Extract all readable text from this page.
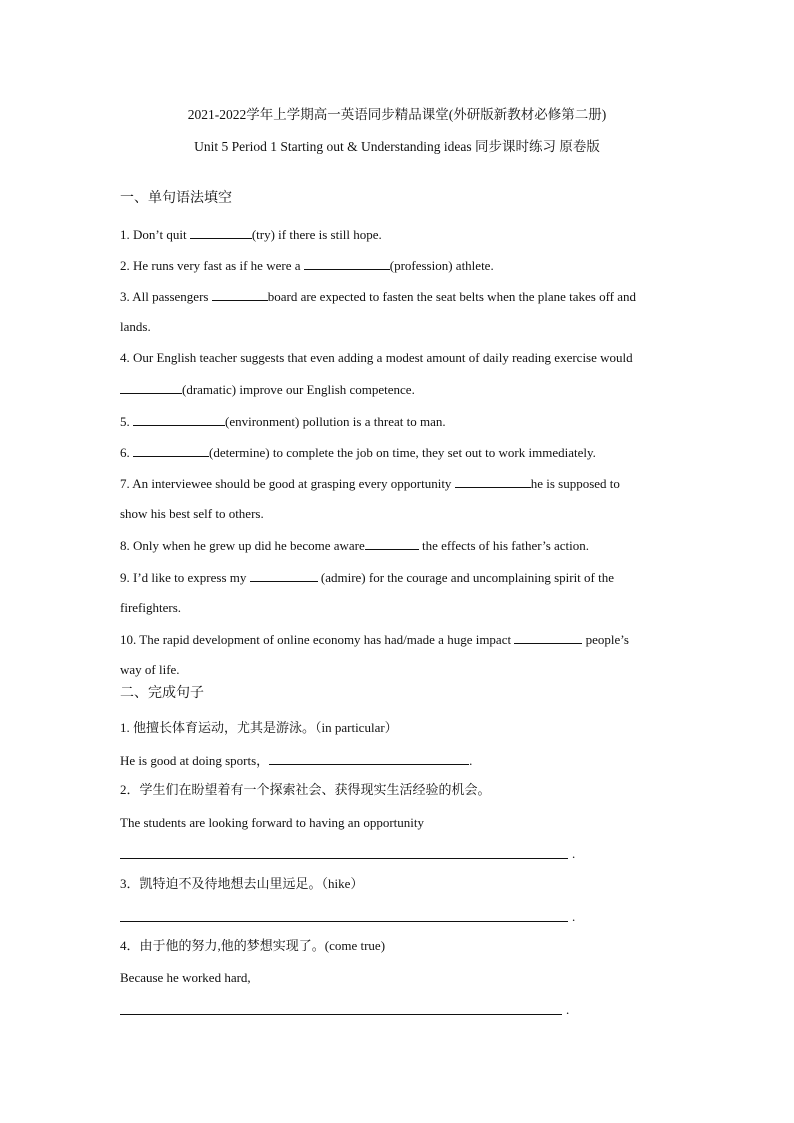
2021-2022学年上学期高一英语同步精品课堂(外研版新教材必修第二册)
Unit 5 Period 1 Starting out & Understanding ideas 同步课时练习 原卷版
一、单句语法填空
1. Don’t quit	(try) if there is still hope.
2. He runs very fast as if he were a	(profession) athlete.
3. All passengers	board are expected to fasten the seat belts when the plane takes off and
lands.
4. Our English teacher suggests that even adding a modest amount of daily reading exercise would
(dramatic) improve our English competence.
5.	(environment) pollution is a threat to man.
6.	(determine) to complete the job on time, they set out to work immediately.
7. An interviewee should be good at grasping every opportunity	he is supposed to
show his best self to others.
8. Only when he grew up did he become aware	the effects of his father’s action.
9. I’d like to express my	(admire) for the courage and uncomplaining spirit of the
firefighters.
10. The rapid development of online economy has had/made a huge impact	people’s
way of life.
二、完成句子
1. 他擅长体育运动，尤其是游泳。（in particular）
He is good at doing sports，	.
2．学生们在盼望着有一个探索社会、获得现实生活经验的机会。
The students are looking forward to having an opportunity
.
3．凯特迫不及待地想去山里远足。（hike）
.
4．由于他的努力,他的梦想实现了。(come true)
Because he worked hard,
.
